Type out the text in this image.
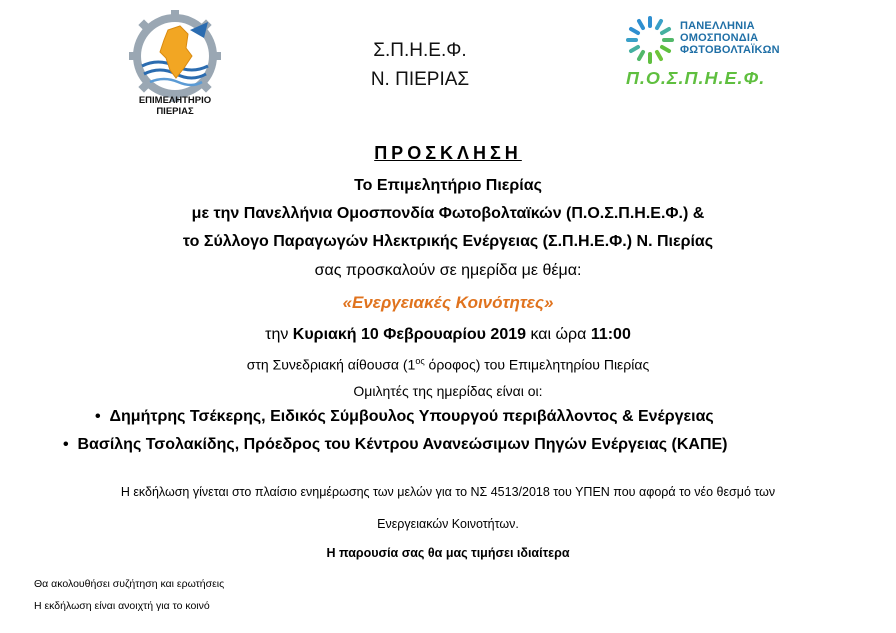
ΕΠΙΜΕΛΗΤΗΡΙΟ
ΠΙΕΡΙΑΣ
Σ.Π.Η.Ε.Φ.
Ν. ΠΙΕΡΙΑΣ
ΠΑΝΕΛΛΗΝΙΑ
ΟΜΟΣΠΟΝΔΙΑ
ΦΩΤΟΒΟΛΤΑΪΚΩΝ
Π.Ο.Σ.Π.Η.Ε.Φ.
ΠΡΟΣΚΛΗΣΗ
Το Επιμελητήριο Πιερίας
με την Πανελλήνια Ομοσπονδία Φωτοβολταϊκών (Π.Ο.Σ.Π.Η.Ε.Φ.) &
το Σύλλογο Παραγωγών Ηλεκτρικής Ενέργειας (Σ.Π.Η.Ε.Φ.) Ν. Πιερίας
σας προσκαλούν σε ημερίδα με θέμα:
«Ενεργειακές Κοινότητες»
την Κυριακή 10 Φεβρουαρίου 2019 και ώρα 11:00
στη Συνεδριακή αίθουσα ($1^{o\varsigma}$ όροφος) του Επιμελητηρίου Πιερίας
Ομιλητές της ημερίδας είναι οι:
• Δημήτρης Τσέκερης, Ειδικός Σύμβουλος Υπουργού περιβάλλοντος & Ενέργειας
• Βασίλης Τσολακίδης, Πρόεδρος του Κέντρου Ανανεώσιμων Πηγών Ενέργειας (ΚΑΠΕ)
Η εκδήλωση γίνεται στο πλαίσιο ενημέρωσης των μελών για το ΝΣ 4513/2018 του ΥΠΕΝ που αφορά το νέο θεσμό των
Ενεργειακών Κοινοτήτων.
Η παρουσία σας θα μας τιμήσει ιδιαίτερα
Θα ακολουθήσει συζήτηση και ερωτήσεις
Η εκδήλωση είναι ανοιχτή για το κοινό
